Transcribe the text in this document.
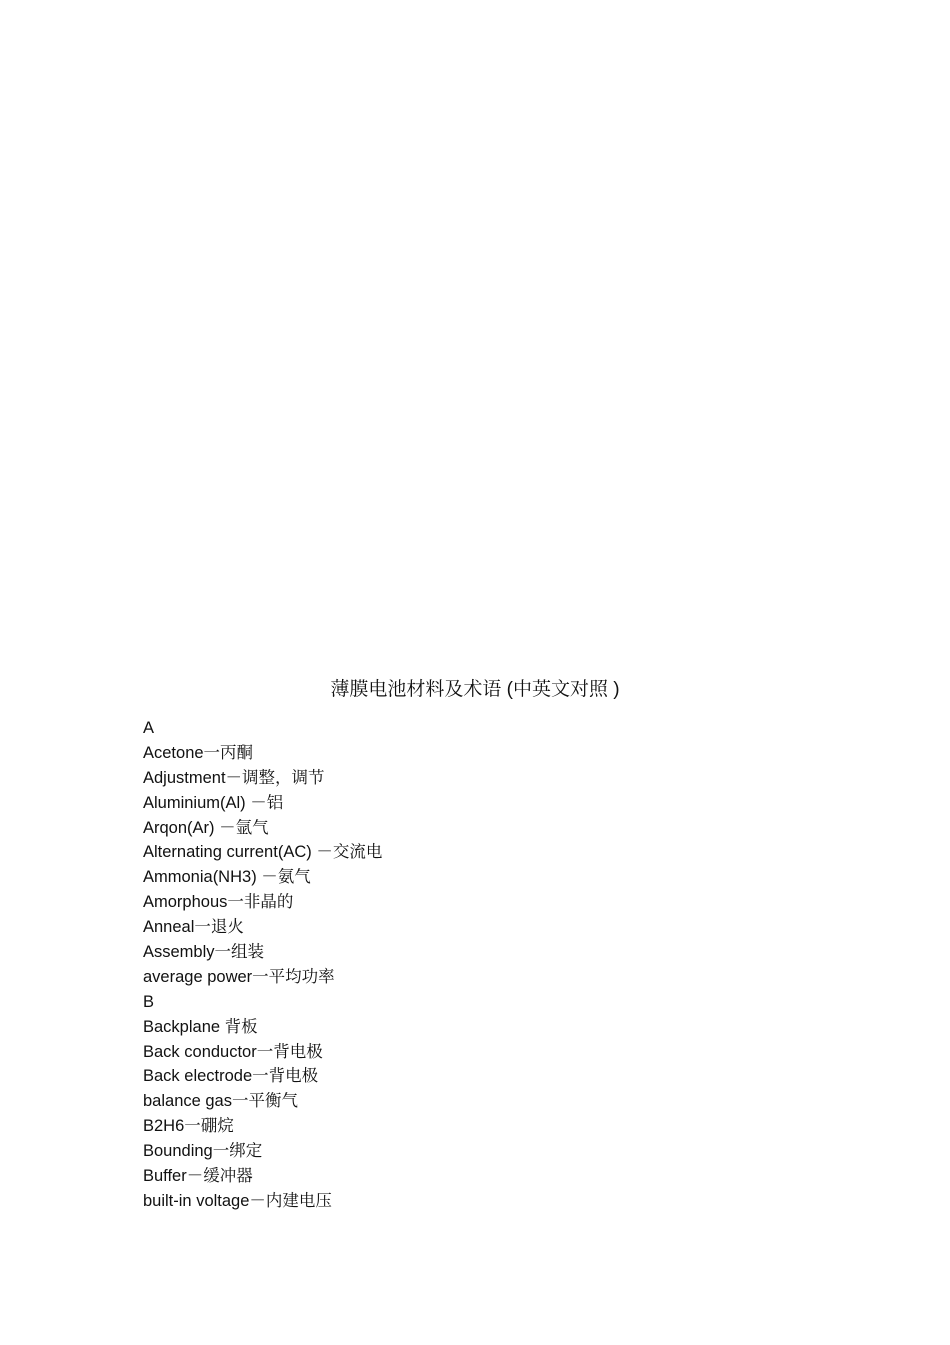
薄膜电池材料及术语 (中英文对照 )
A
Acetone一丙酮
Adjustment－调整，调节
Aluminium(Al) －铝
Arqon(Ar) －氩气
Alternating current(AC) －交流电
Ammonia(NH3) －氨气
Amorphous一非晶的
Anneal一退火
Assembly一组装
average power一平均功率
B
Backplane 背板
Back conductor一背电极
Back electrode一背电极
balance gas一平衡气
B2H6一硼烷
Bounding一绑定
Buffer－缓冲器
built-in voltage－内建电压
